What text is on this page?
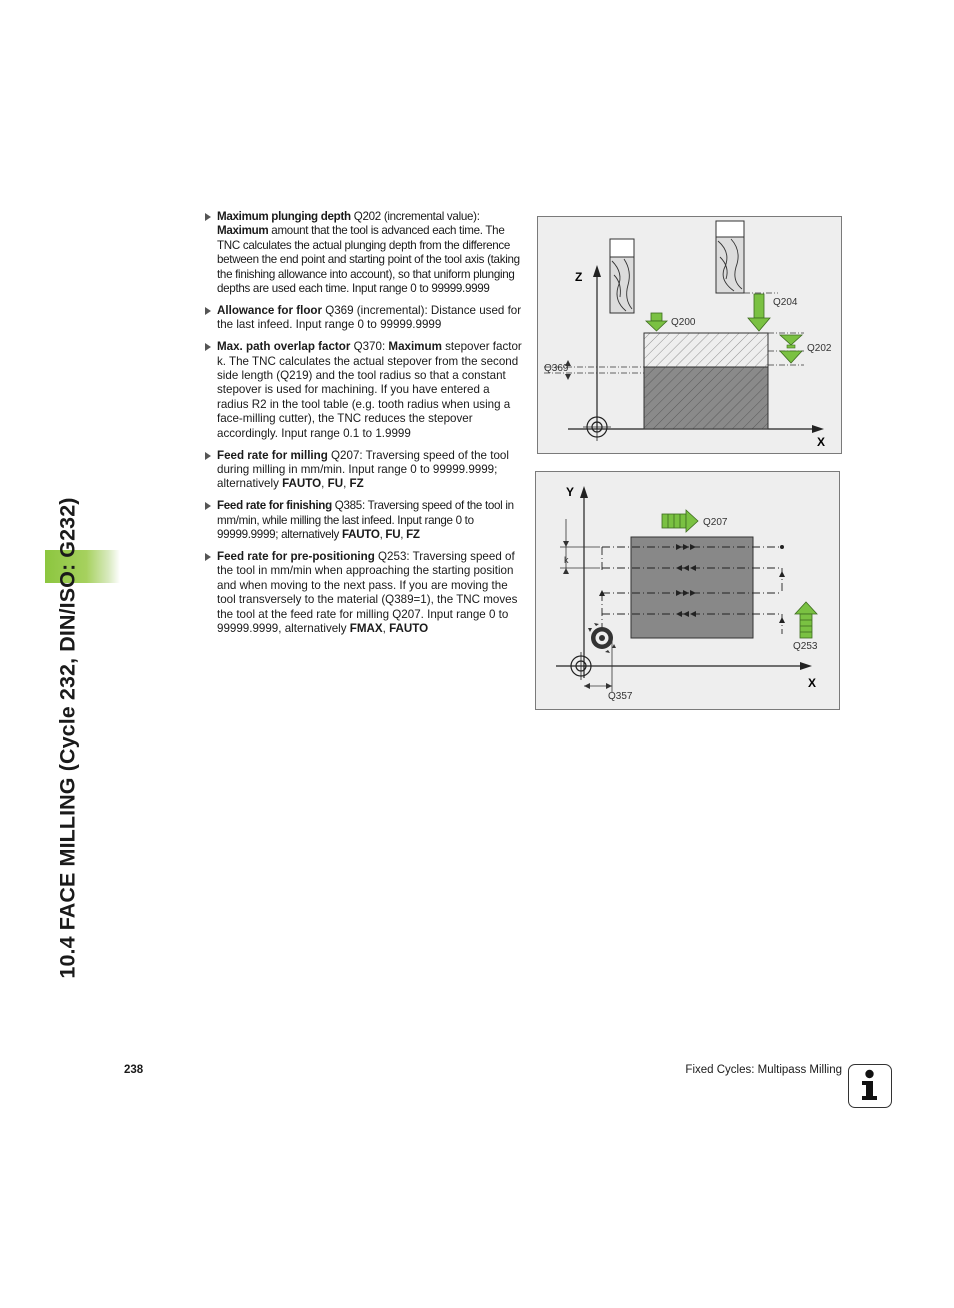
10.4 FACE MILLING (Cycle 232, DIN/ISO: G232)
Maximum plunging depth Q202 (incremental value): Maximum amount that the tool is advanced each time. The TNC calculates the actual plunging depth from the difference between the end point and starting point of the tool axis (taking the finishing allowance into account), so that uniform plunging depths are used each time. Input range 0 to 99999.9999
Allowance for floor Q369 (incremental): Distance used for the last infeed. Input range 0 to 99999.9999
Max. path overlap factor Q370: Maximum stepover factor k. The TNC calculates the actual stepover from the second side length (Q219) and the tool radius so that a constant stepover is used for machining. If you have entered a radius R2 in the tool table (e.g. tooth radius when using a face-milling cutter), the TNC reduces the stepover accordingly. Input range 0.1 to 1.9999
Feed rate for milling Q207: Traversing speed of the tool during milling in mm/min. Input range 0 to 99999.9999; alternatively FAUTO, FU, FZ
Feed rate for finishing Q385: Traversing speed of the tool in mm/min, while milling the last infeed. Input range 0 to 99999.9999; alternatively FAUTO, FU, FZ
Feed rate for pre-positioning Q253: Traversing speed of the tool in mm/min when approaching the starting position and when moving to the next pass. If you are moving the tool transversely to the material (Q389=1), the TNC moves the tool at the feed rate for milling Q207. Input range 0 to 99999.9999, alternatively FMAX, FAUTO
Z
X
Q200
Q204
Q202
Q369
Y
X
Q207
k
Q253
Q357
238	Fixed Cycles: Multipass Milling
